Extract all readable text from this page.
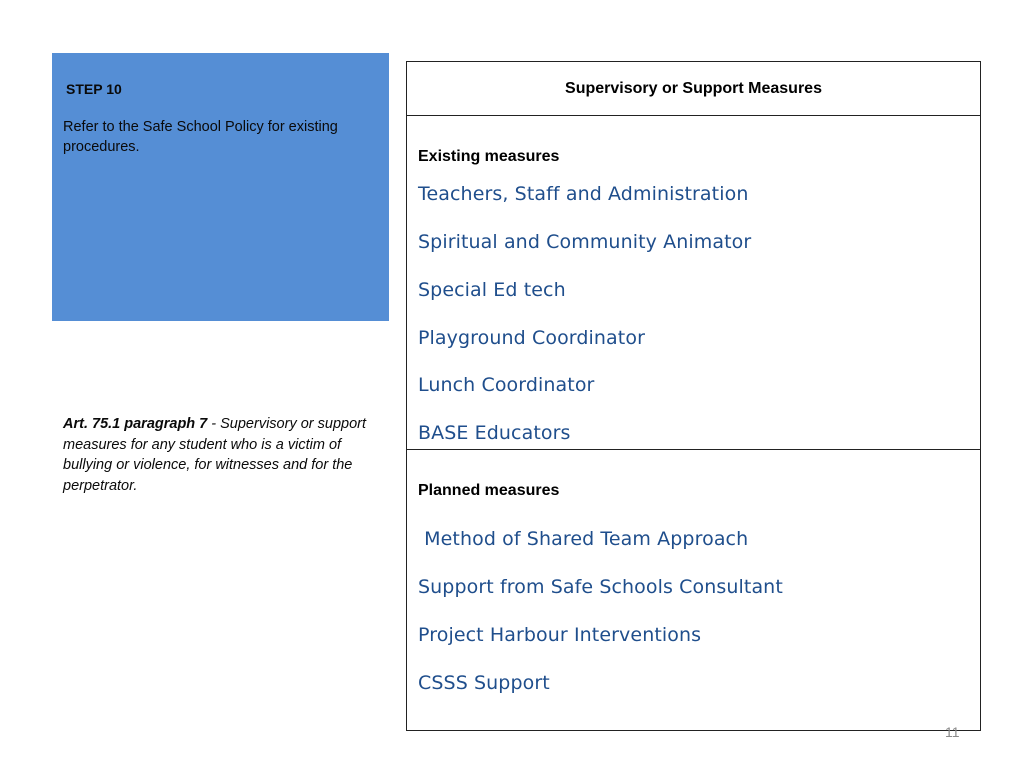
STEP 10
Refer to the Safe School Policy for existing procedures.
Art. 75.1 paragraph 7 - Supervisory or support measures for any student who is a victim of bullying or violence, for witnesses and for the perpetrator.
Supervisory or Support Measures
Existing measures
Teachers, Staff and Administration
Spiritual and Community Animator
Special Ed tech
Playground Coordinator
Lunch Coordinator
BASE Educators
Planned measures
Method of Shared Team Approach
Support from Safe Schools Consultant
Project Harbour Interventions
CSSS Support
11
